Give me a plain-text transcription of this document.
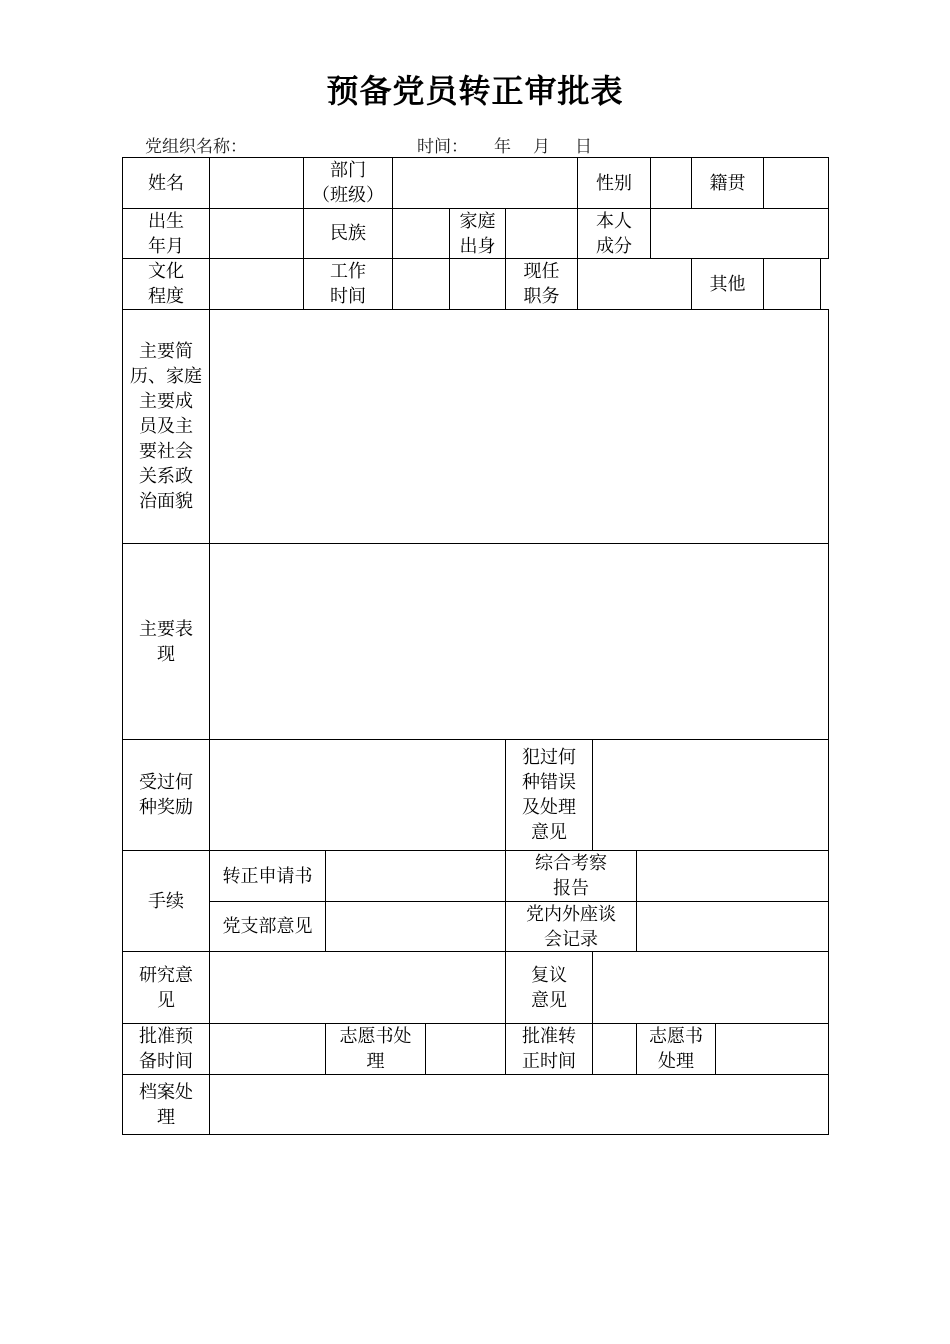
预备党员转正审批表
党组织名称：	时间： 年 月 日
姓名
部门
（班级）
性别	籍贯
出生
年月
民族
家庭
出身
本人
成分
文化
程度
工作
时间
现任
职务
其他
主要简
历、家庭
主要成
员及主
要社会
关系政
治面貌
主要表
现
受过何
种奖励
犯过何
种错误
及处理
意见
手续
转正申请书
综合考察
报告
党支部意见
党内外座谈
会记录
研究意
见
复议
意见
批准预
备时间
志愿书处
理
批准转
正时间
志愿书
处理
档案处
理
